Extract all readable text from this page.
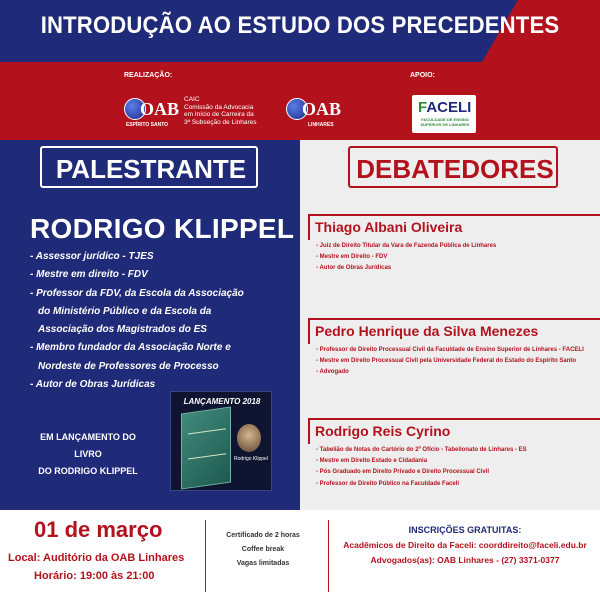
INTRODUÇÃO AO ESTUDO DOS PRECEDENTES
REALIZAÇÃO:	APOIO:
OAB
ESPÍRITO SANTO
CAIC
Comissão da Advocacia
em Início de Carreira da
3ª Subseção de Linhares
OAB
LINHARES
FACELI
FACULDADE DE ENSINO SUPERIOR DE LINHARES
PALESTRANTE
RODRIGO KLIPPEL
- Assessor jurídico - TJES
- Mestre em direito - FDV
- Professor da FDV, da Escola da Associação
do Ministério Público e da Escola da
Associação dos Magistrados do ES
- Membro fundador da Associação Norte e
Nordeste de Professores de Processo
- Autor de Obras Jurídicas
EM LANÇAMENTO DO LIVRO
DO RODRIGO KLIPPEL
LANÇAMENTO 2018
Rodrigo Klippel
DEBATEDORES
Thiago Albani Oliveira
- Juiz de Direito Titular da Vara de Fazenda Pública de Linhares
- Mestre em Direito - FDV
- Autor de Obras Jurídicas
Pedro Henrique da Silva Menezes
- Professor de Direito Processual Civil da Faculdade de Ensino Superior de Linhares - FACELI
- Mestre em Direito Processual Civil pela Universidade Federal do Estado do Espírito Santo
- Advogado
Rodrigo Reis Cyrino
- Tabelião de Notas do Cartório do 2º Ofício - Tabelionato de Linhares - ES
- Mestre em Direito Estado e Cidadania
- Pós Graduado em Direito Privado e Direito Processual Civil
- Professor de Direito Público na Faculdade Faceli
01 de março
Local: Auditório da OAB Linhares
Horário: 19:00 às 21:00
Certificado de 2 horas
Coffee break
Vagas limitadas
INSCRIÇÕES GRATUITAS:
Acadêmicos de Direito da Faceli: coorddireito@faceli.edu.br
Advogados(as): OAB Linhares - (27) 3371-0377
